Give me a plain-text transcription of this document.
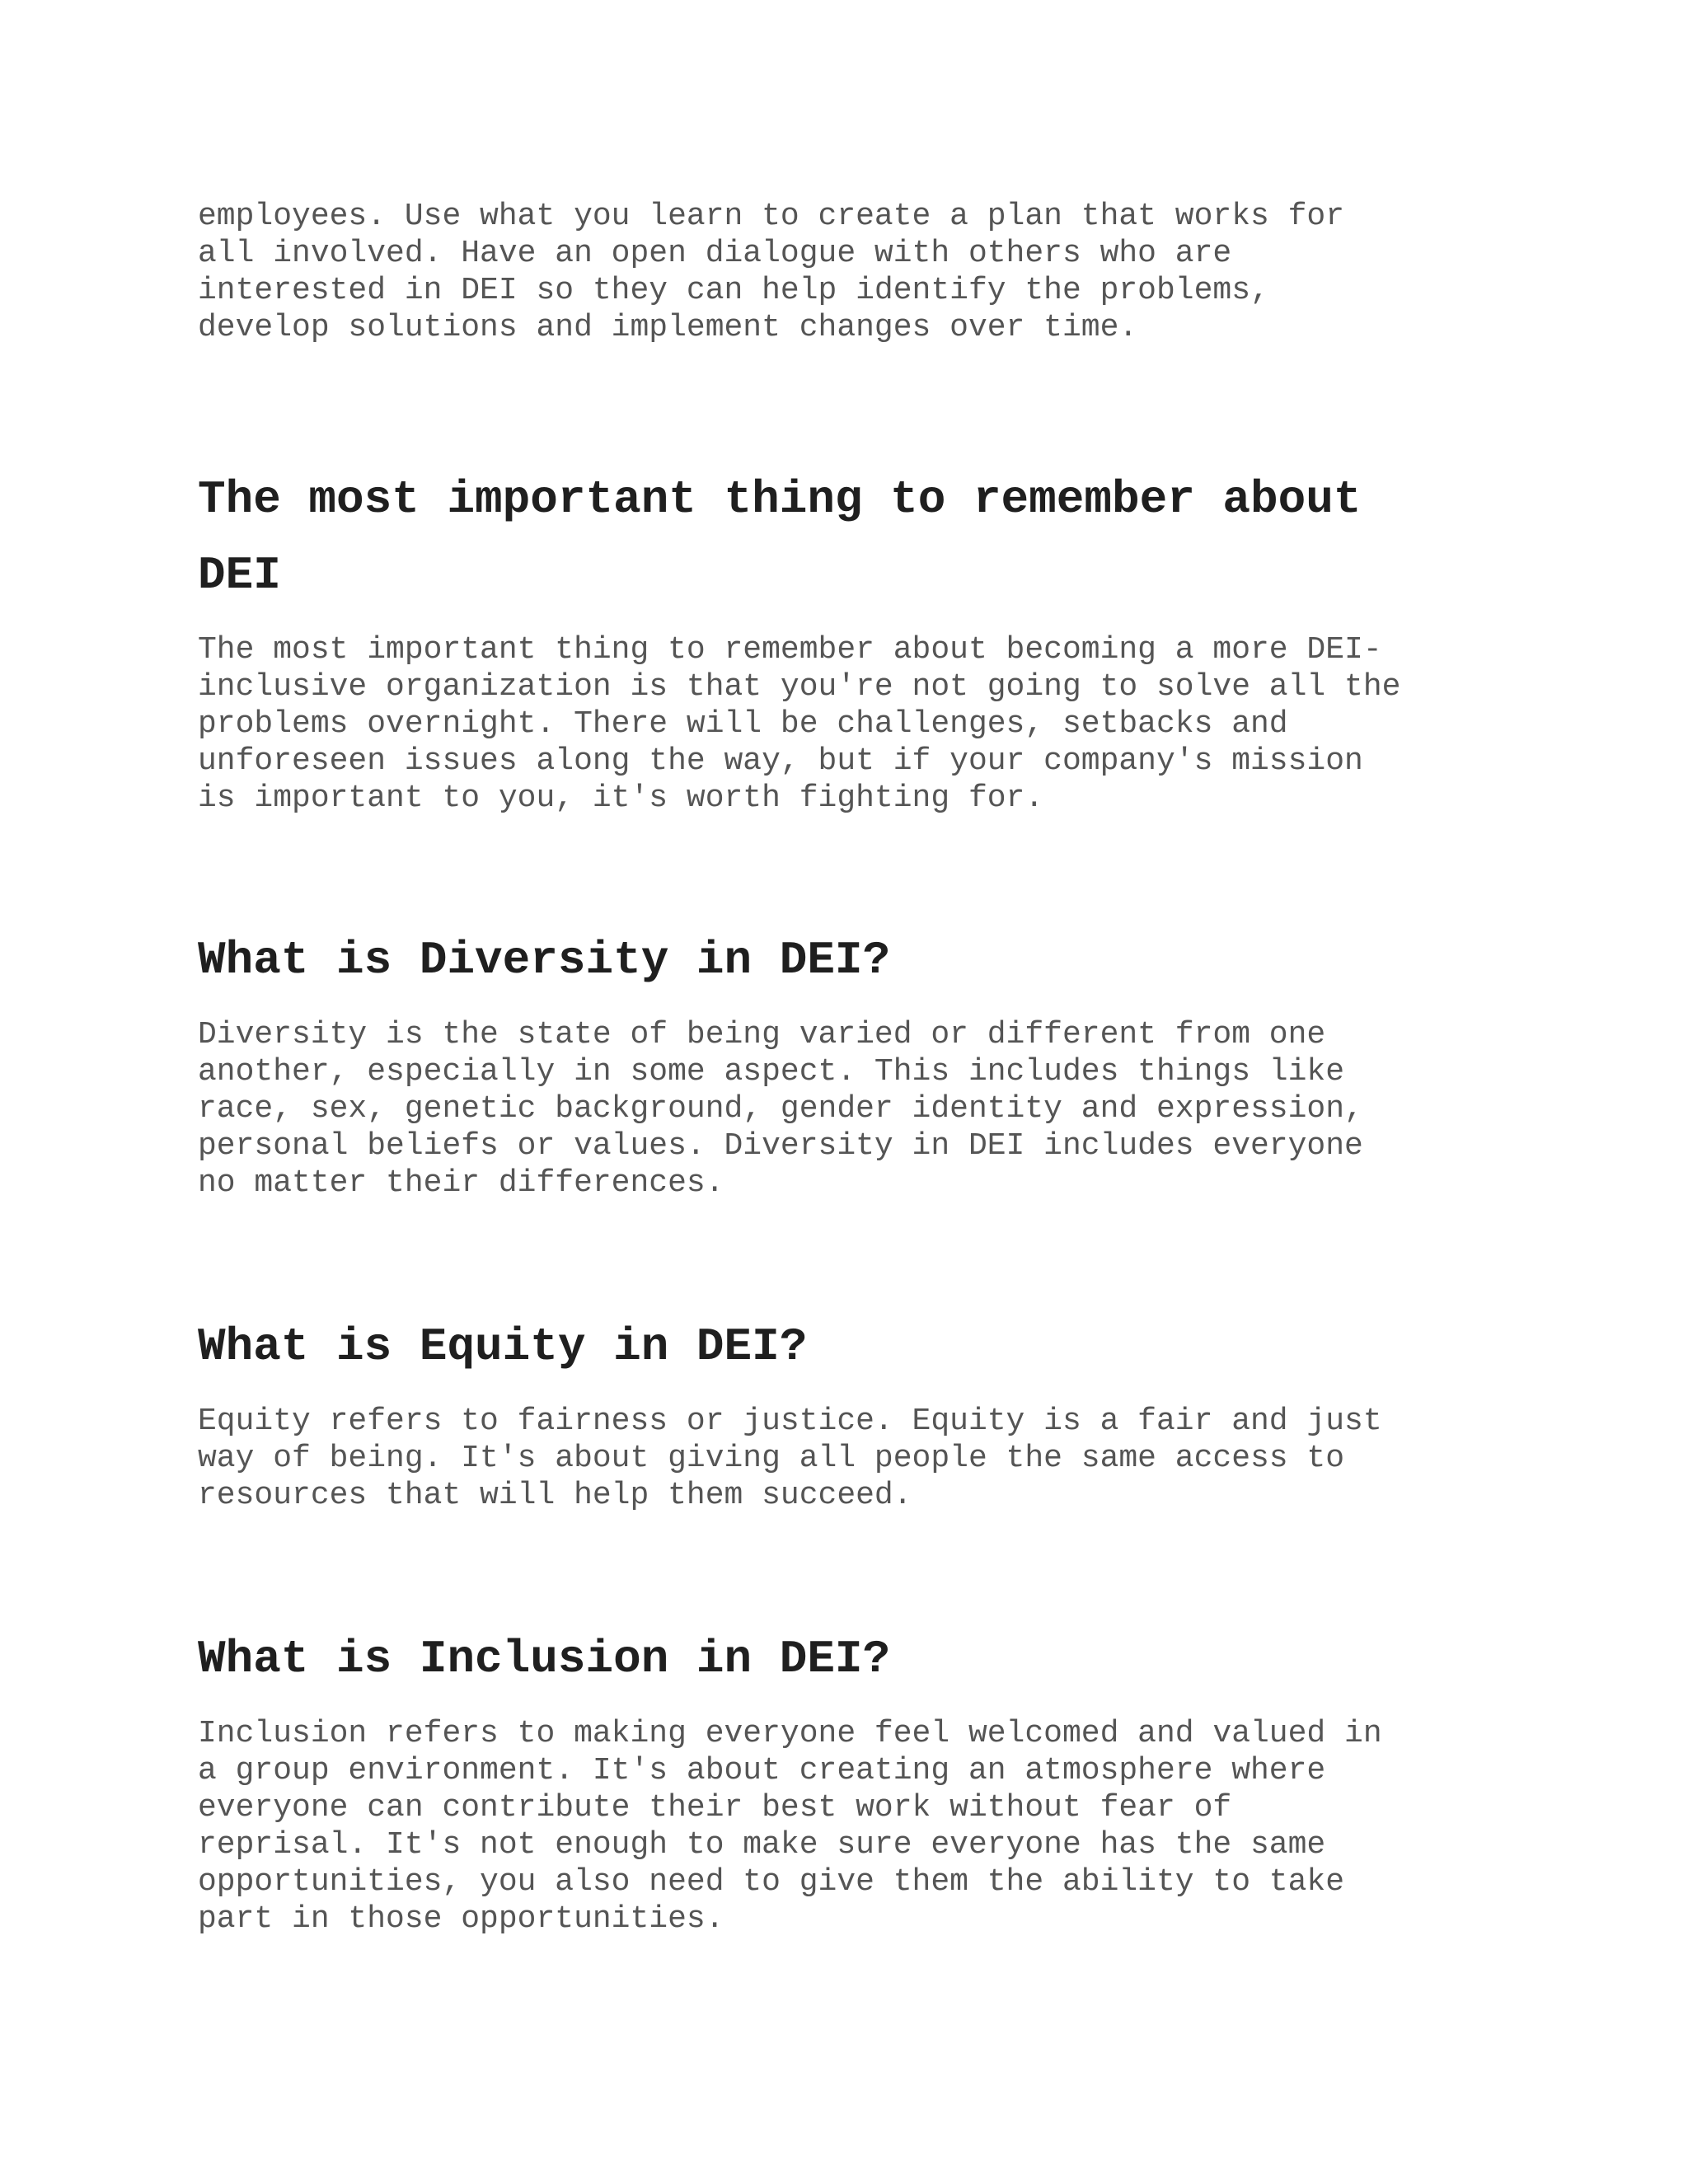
employees. Use what you learn to create a plan that works for
all involved. Have an open dialogue with others who are
interested in DEI so they can help identify the problems,
develop solutions and implement changes over time.

The most important thing to remember about
DEI

The most important thing to remember about becoming a more DEI-
inclusive organization is that you're not going to solve all the
problems overnight. There will be challenges, setbacks and
unforeseen issues along the way, but if your company's mission
is important to you, it's worth fighting for.

What is Diversity in DEI?

Diversity is the state of being varied or different from one
another, especially in some aspect. This includes things like
race, sex, genetic background, gender identity and expression,
personal beliefs or values. Diversity in DEI includes everyone
no matter their differences.

What is Equity in DEI?

Equity refers to fairness or justice. Equity is a fair and just
way of being. It's about giving all people the same access to
resources that will help them succeed.

What is Inclusion in DEI?

Inclusion refers to making everyone feel welcomed and valued in
a group environment. It's about creating an atmosphere where
everyone can contribute their best work without fear of
reprisal. It's not enough to make sure everyone has the same
opportunities, you also need to give them the ability to take
part in those opportunities.
